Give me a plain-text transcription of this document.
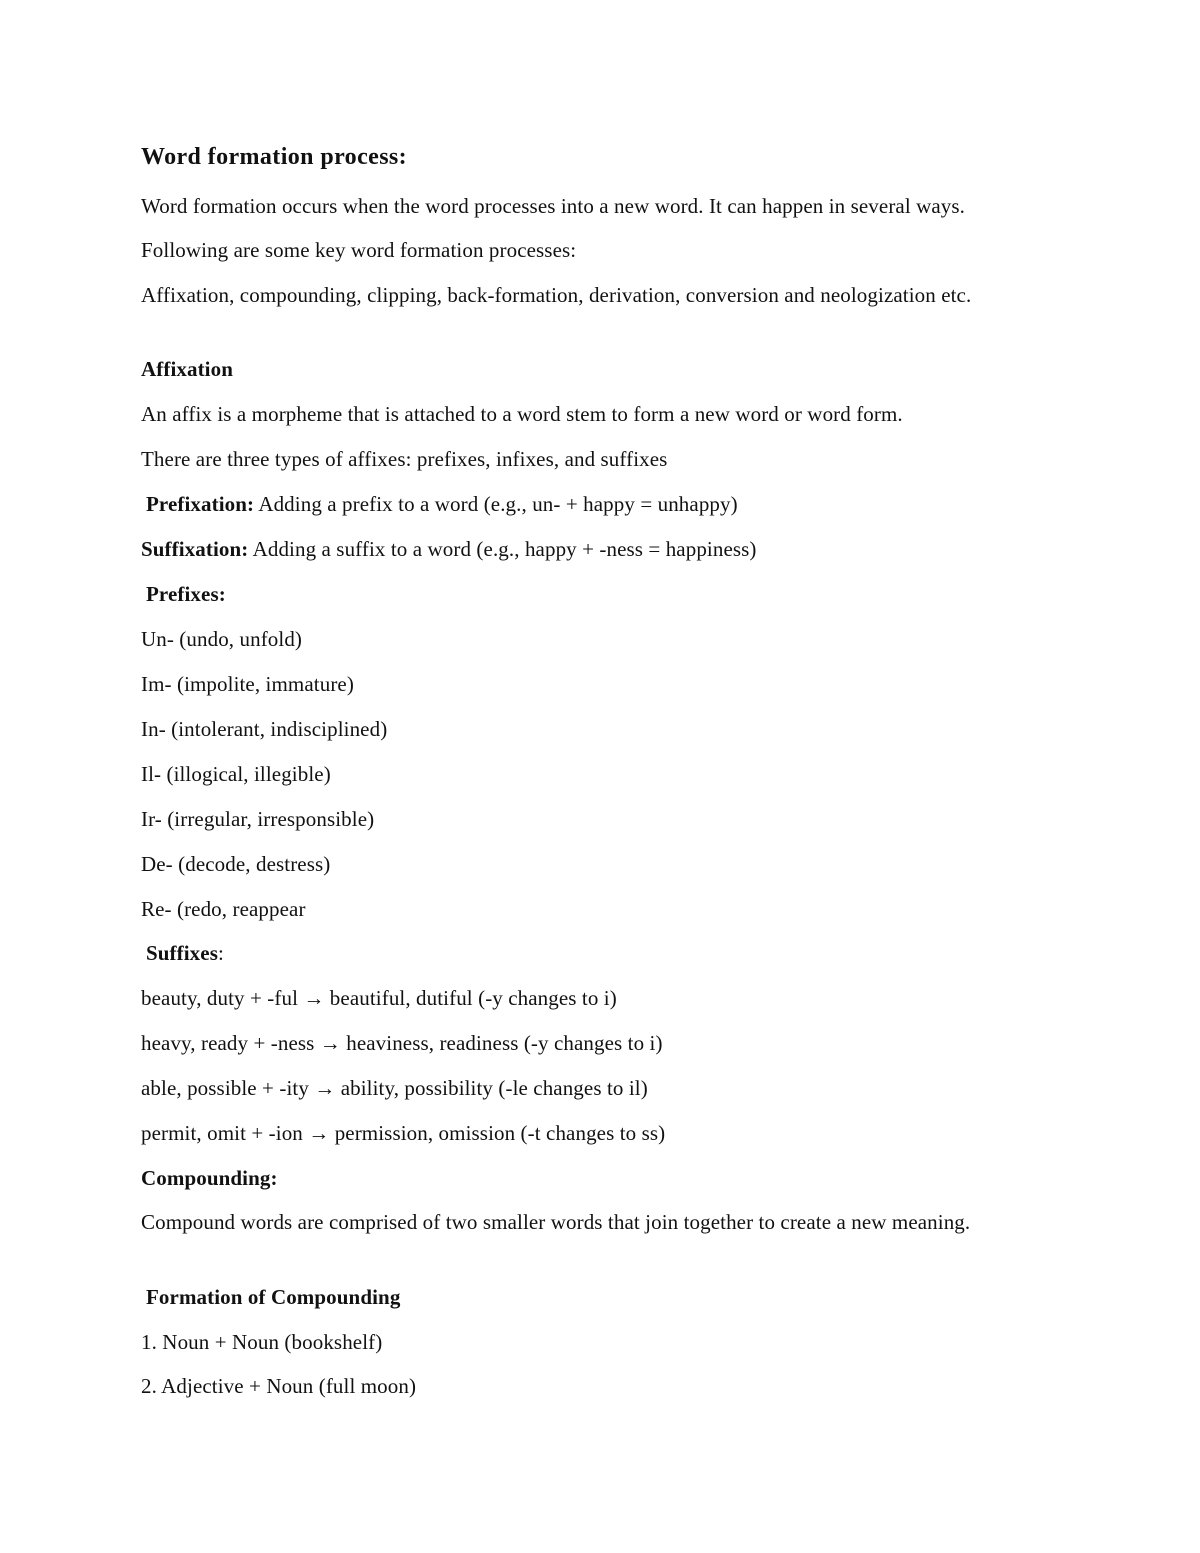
Word formation process:
Word formation occurs when the word processes into a new word. It can happen in several ways.
Following are some key word formation processes:
Affixation, compounding, clipping, back-formation, derivation, conversion and neologization etc.
Affixation
An affix is a morpheme that is attached to a word stem to form a new word or word form.
There are three types of affixes: prefixes, infixes, and suffixes
Prefixation: Adding a prefix to a word (e.g., un- + happy = unhappy)
Suffixation: Adding a suffix to a word (e.g., happy + -ness = happiness)
Prefixes:
Un- (undo, unfold)
Im- (impolite, immature)
In- (intolerant, indisciplined)
Il- (illogical, illegible)
Ir- (irregular, irresponsible)
De- (decode, destress)
Re- (redo, reappear
Suffixes:
beauty, duty + -ful → beautiful, dutiful (-y changes to i)
heavy, ready + -ness → heaviness, readiness (-y changes to i)
able, possible + -ity → ability, possibility (-le changes to il)
permit, omit + -ion → permission, omission (-t changes to ss)
Compounding:
Compound words are comprised of two smaller words that join together to create a new meaning.
Formation of Compounding
1. Noun + Noun (bookshelf)
2. Adjective + Noun (full moon)
